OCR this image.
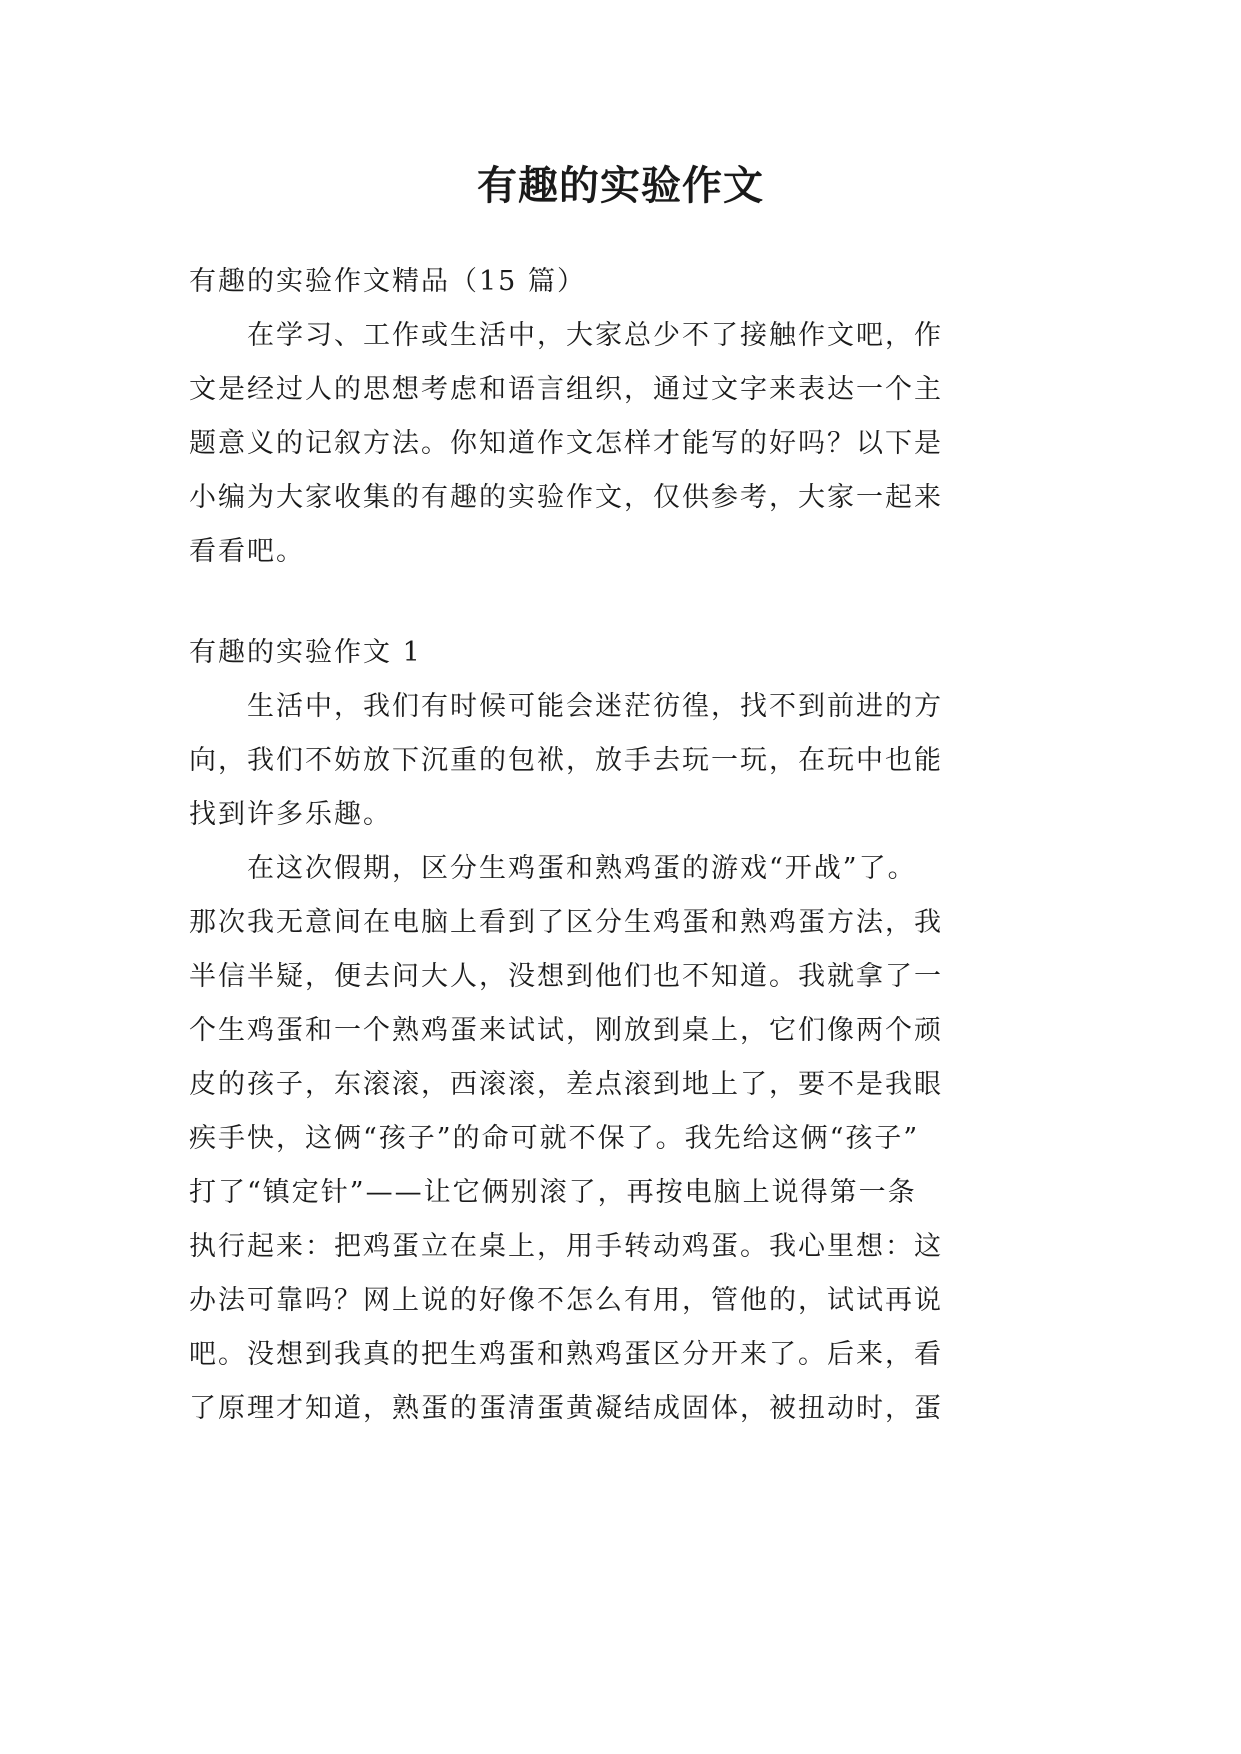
有趣的实验作文
有趣的实验作文精品（15 篇）
　　在学习、工作或生活中，大家总少不了接触作文吧，作
文是经过人的思想考虑和语言组织，通过文字来表达一个主
题意义的记叙方法。你知道作文怎样才能写的好吗？以下是
小编为大家收集的有趣的实验作文，仅供参考，大家一起来
看看吧。
有趣的实验作文 1
　　生活中，我们有时候可能会迷茫彷徨，找不到前进的方
向，我们不妨放下沉重的包袱，放手去玩一玩，在玩中也能
找到许多乐趣。
　　在这次假期，区分生鸡蛋和熟鸡蛋的游戏“开战”了。
那次我无意间在电脑上看到了区分生鸡蛋和熟鸡蛋方法，我
半信半疑，便去问大人，没想到他们也不知道。我就拿了一
个生鸡蛋和一个熟鸡蛋来试试，刚放到桌上，它们像两个顽
皮的孩子，东滚滚，西滚滚，差点滚到地上了，要不是我眼
疾手快，这俩“孩子”的命可就不保了。我先给这俩“孩子”
打了“镇定针”——让它俩别滚了，再按电脑上说得第一条
执行起来：把鸡蛋立在桌上，用手转动鸡蛋。我心里想：这
办法可靠吗？网上说的好像不怎么有用，管他的，试试再说
吧。没想到我真的把生鸡蛋和熟鸡蛋区分开来了。后来，看
了原理才知道，熟蛋的蛋清蛋黄凝结成固体，被扭动时，蛋
